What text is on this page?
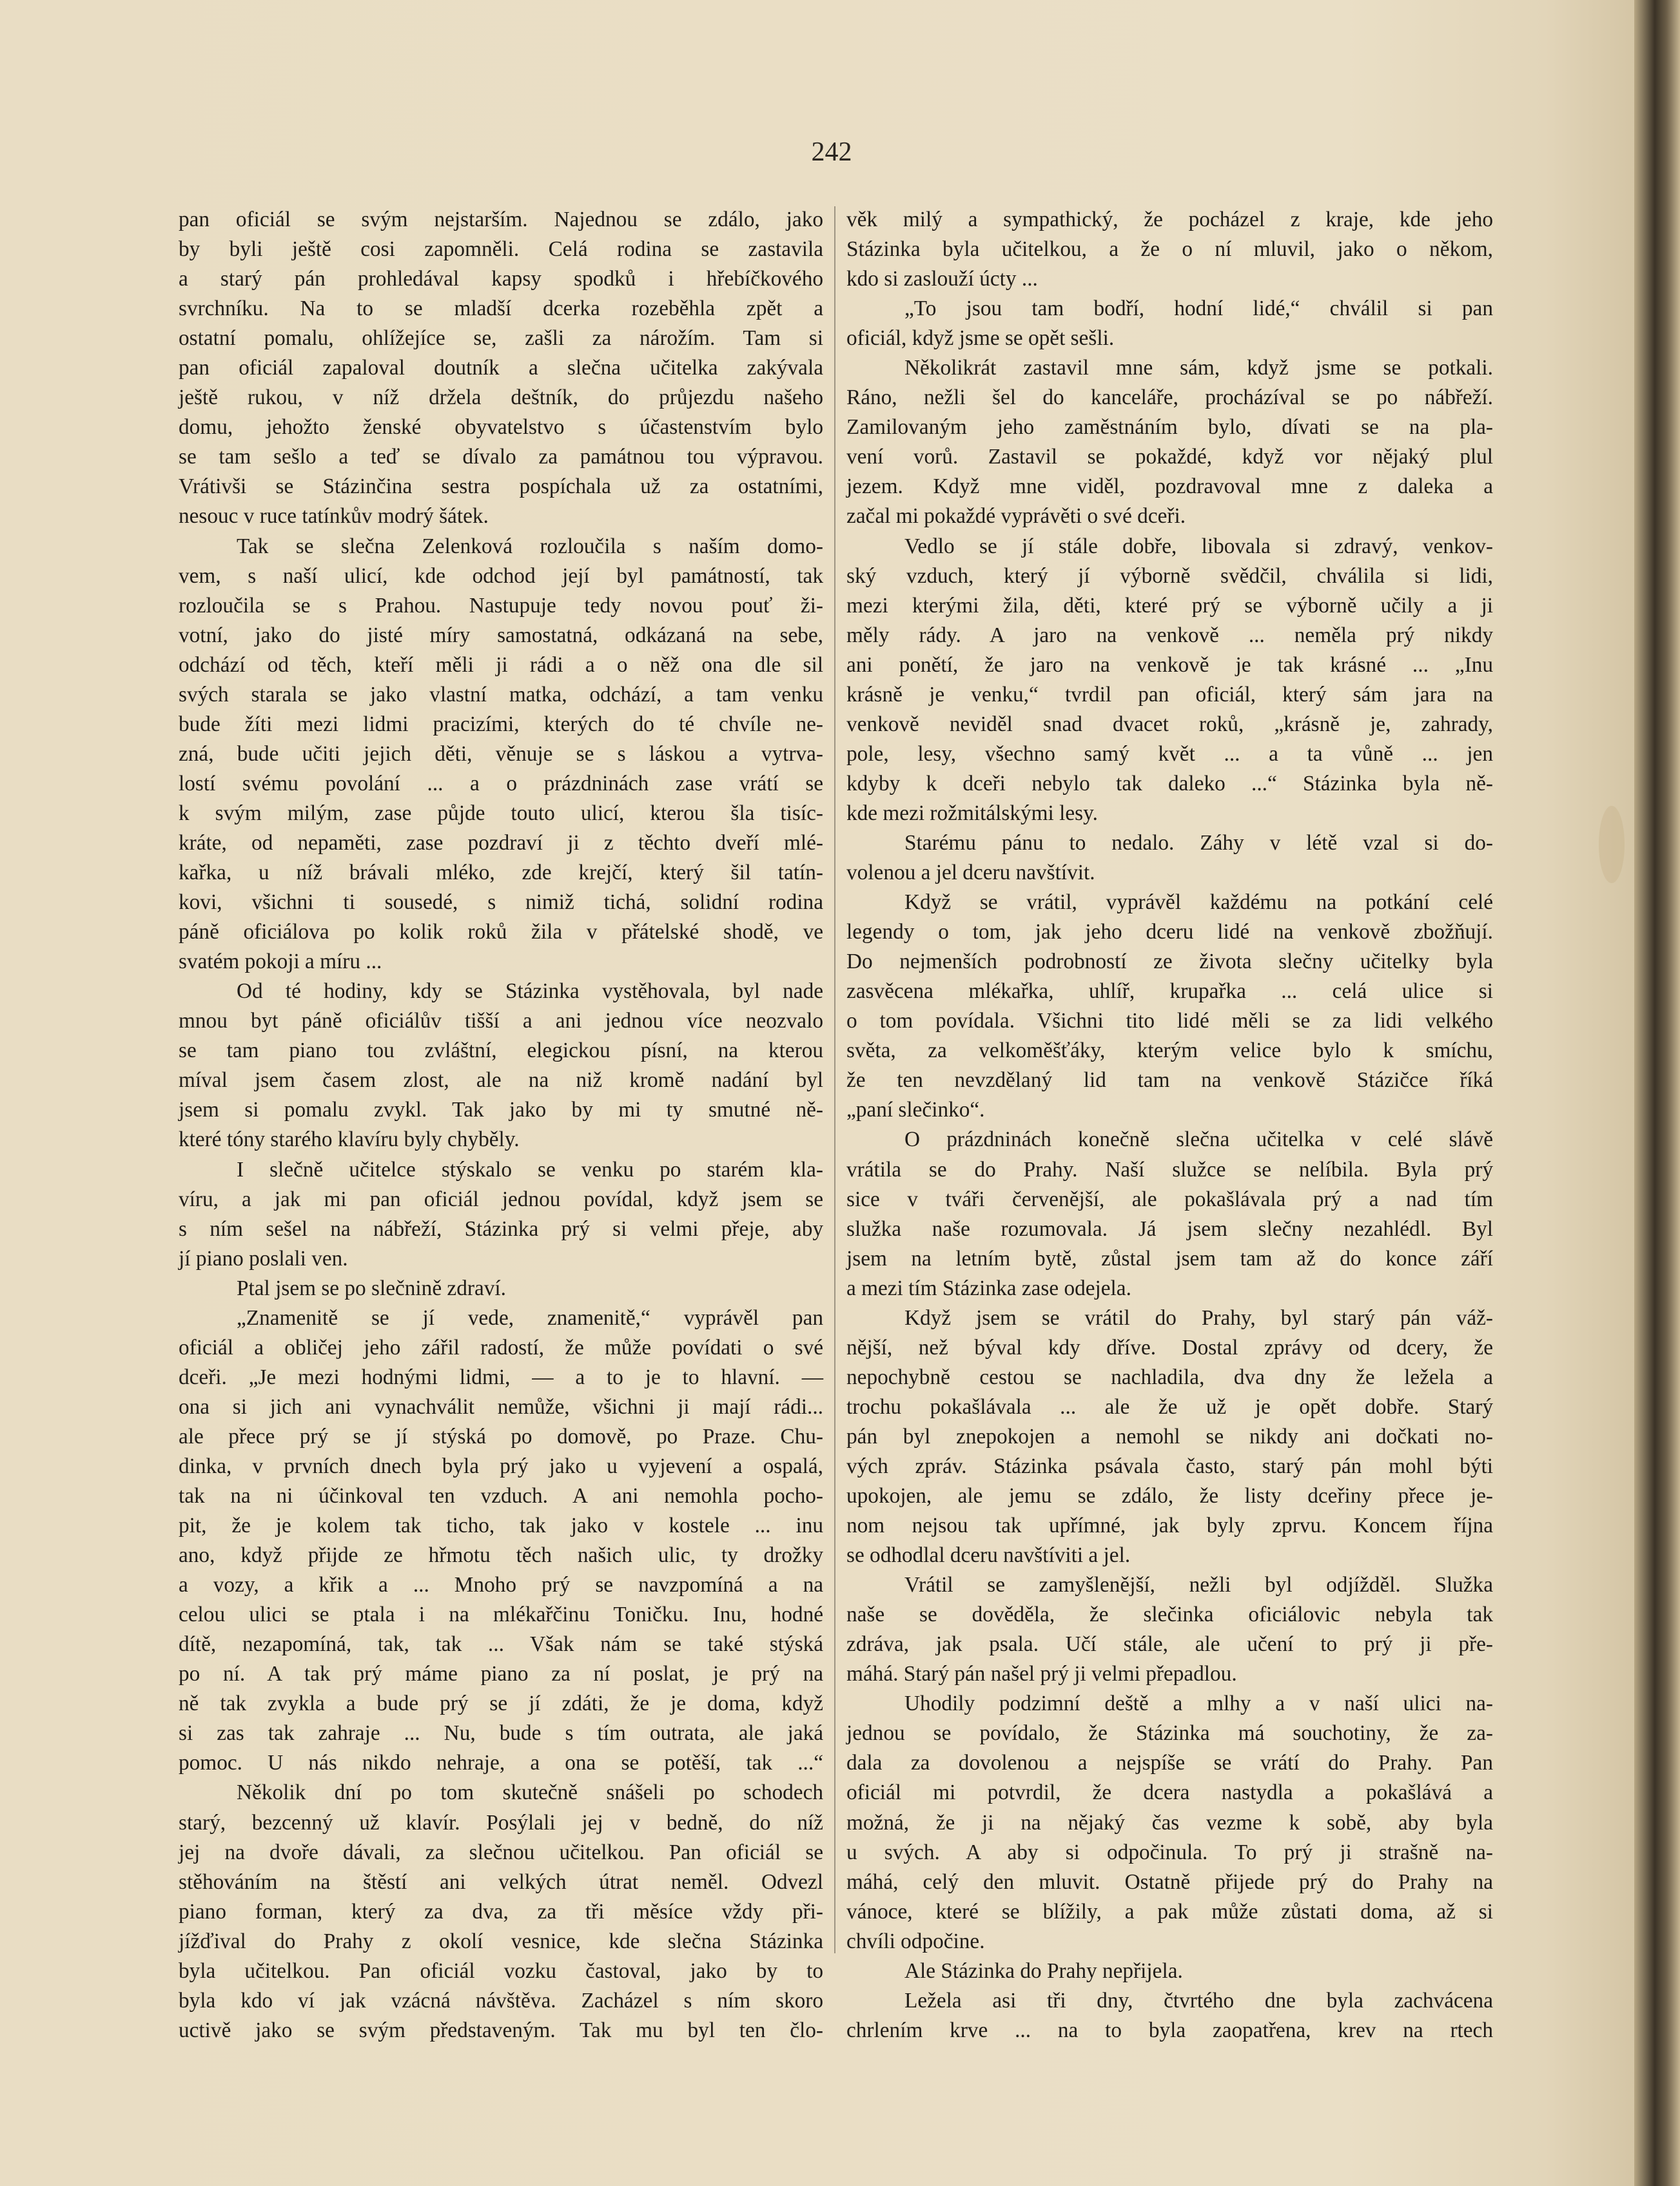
242
pan oficiál se svým nejstarším. Najednou se zdálo, jako
by byli ještě cosi zapomněli. Celá rodina se zastavila
a starý pán prohledával kapsy spodků i hřebíčkového
svrchníku. Na to se mladší dcerka rozeběhla zpět a
ostatní pomalu, ohlížejíce se, zašli za nárožím. Tam si
pan oficiál zapaloval doutník a slečna učitelka zakývala
ještě rukou, v níž držela deštník, do průjezdu našeho
domu, jehožto ženské obyvatelstvo s účastenstvím bylo
se tam sešlo a teď se dívalo za památnou tou výpravou.
Vrátivši se Stázinčina sestra pospíchala už za ostatními,
nesouc v ruce tatínkův modrý šátek.
Tak se slečna Zelenková rozloučila s naším domo-
vem, s naší ulicí, kde odchod její byl památností, tak
rozloučila se s Prahou. Nastupuje tedy novou pouť ži-
votní, jako do jisté míry samostatná, odkázaná na sebe,
odchází od těch, kteří měli ji rádi a o něž ona dle sil
svých starala se jako vlastní matka, odchází, a tam venku
bude žíti mezi lidmi pracizími, kterých do té chvíle ne-
zná, bude učiti jejich děti, věnuje se s láskou a vytrva-
lostí svému povolání ... a o prázdninách zase vrátí se
k svým milým, zase půjde touto ulicí, kterou šla tisíc-
kráte, od nepaměti, zase pozdraví ji z těchto dveří mlé-
kařka, u níž brávali mléko, zde krejčí, který šil tatín-
kovi, všichni ti sousedé, s nimiž tichá, solidní rodina
páně oficiálova po kolik roků žila v přátelské shodě, ve
svatém pokoji a míru ...
Od té hodiny, kdy se Stázinka vystěhovala, byl nade
mnou byt páně oficiálův tišší a ani jednou více neozvalo
se tam piano tou zvláštní, elegickou písní, na kterou
míval jsem časem zlost, ale na niž kromě nadání byl
jsem si pomalu zvykl. Tak jako by mi ty smutné ně-
které tóny starého klavíru byly chyběly.
I slečně učitelce stýskalo se venku po starém kla-
víru, a jak mi pan oficiál jednou povídal, když jsem se
s ním sešel na nábřeží, Stázinka prý si velmi přeje, aby
jí piano poslali ven.
Ptal jsem se po slečnině zdraví.
„Znamenitě se jí vede, znamenitě,“ vyprávěl pan
oficiál a obličej jeho zářil radostí, že může povídati o své
dceři. „Je mezi hodnými lidmi, — a to je to hlavní. —
ona si jich ani vynachválit nemůže, všichni ji mají rádi...
ale přece prý se jí stýská po domově, po Praze. Chu-
dinka, v prvních dnech byla prý jako u vyjevení a ospalá,
tak na ni účinkoval ten vzduch. A ani nemohla pocho-
pit, že je kolem tak ticho, tak jako v kostele ... inu
ano, když přijde ze hřmotu těch našich ulic, ty drožky
a vozy, a křik a ... Mnoho prý se navzpomíná a na
celou ulici se ptala i na mlékařčinu Toničku. Inu, hodné
dítě, nezapomíná, tak, tak ... Však nám se také stýská
po ní. A tak prý máme piano za ní poslat, je prý na
ně tak zvykla a bude prý se jí zdáti, že je doma, když
si zas tak zahraje ... Nu, bude s tím outrata, ale jaká
pomoc. U nás nikdo nehraje, a ona se potěší, tak ...“
Několik dní po tom skutečně snášeli po schodech
starý, bezcenný už klavír. Posýlali jej v bedně, do níž
jej na dvoře dávali, za slečnou učitelkou. Pan oficiál se
stěhováním na štěstí ani velkých útrat neměl. Odvezl
piano forman, který za dva, za tři měsíce vždy při-
jížďival do Prahy z okolí vesnice, kde slečna Stázinka
byla učitelkou. Pan oficiál vozku častoval, jako by to
byla kdo ví jak vzácná návštěva. Zacházel s ním skoro
uctivě jako se svým představeným. Tak mu byl ten člo-
věk milý a sympathický, že pocházel z kraje, kde jeho
Stázinka byla učitelkou, a že o ní mluvil, jako o někom,
kdo si zaslouží úcty ...
„To jsou tam bodří, hodní lidé,“ chválil si pan
oficiál, když jsme se opět sešli.
Několikrát zastavil mne sám, když jsme se potkali.
Ráno, nežli šel do kanceláře, procházíval se po nábřeží.
Zamilovaným jeho zaměstnáním bylo, dívati se na pla-
vení vorů. Zastavil se pokaždé, když vor nějaký plul
jezem. Když mne viděl, pozdravoval mne z daleka a
začal mi pokaždé vyprávěti o své dceři.
Vedlo se jí stále dobře, libovala si zdravý, venkov-
ský vzduch, který jí výborně svědčil, chválila si lidi,
mezi kterými žila, děti, které prý se výborně učily a ji
měly rády. A jaro na venkově ... neměla prý nikdy
ani ponětí, že jaro na venkově je tak krásné ... „Inu
krásně je venku,“ tvrdil pan oficiál, který sám jara na
venkově neviděl snad dvacet roků, „krásně je, zahrady,
pole, lesy, všechno samý květ ... a ta vůně ... jen
kdyby k dceři nebylo tak daleko ...“ Stázinka byla ně-
kde mezi rožmitálskými lesy.
Starému pánu to nedalo. Záhy v létě vzal si do-
volenou a jel dceru navštívit.
Když se vrátil, vyprávěl každému na potkání celé
legendy o tom, jak jeho dceru lidé na venkově zbožňují.
Do nejmenších podrobností ze života slečny učitelky byla
zasvěcena mlékařka, uhlíř, krupařka ... celá ulice si
o tom povídala. Všichni tito lidé měli se za lidi velkého
světa, za velkoměšťáky, kterým velice bylo k smíchu,
že ten nevzdělaný lid tam na venkově Stázičce říká
„paní slečinko“.
O prázdninách konečně slečna učitelka v celé slávě
vrátila se do Prahy. Naší služce se nelíbila. Byla prý
sice v tváři červenější, ale pokašlávala prý a nad tím
služka naše rozumovala. Já jsem slečny nezahlédl. Byl
jsem na letním bytě, zůstal jsem tam až do konce září
a mezi tím Stázinka zase odejela.
Když jsem se vrátil do Prahy, byl starý pán váž-
nější, než býval kdy dříve. Dostal zprávy od dcery, že
nepochybně cestou se nachladila, dva dny že ležela a
trochu pokašlávala ... ale že už je opět dobře. Starý
pán byl znepokojen a nemohl se nikdy ani dočkati no-
vých zpráv. Stázinka psávala často, starý pán mohl býti
upokojen, ale jemu se zdálo, že listy dceřiny přece je-
nom nejsou tak upřímné, jak byly zprvu. Koncem října
se odhodlal dceru navštíviti a jel.
Vrátil se zamyšlenější, nežli byl odjížděl. Služka
naše se dověděla, že slečinka oficiálovic nebyla tak
zdráva, jak psala. Učí stále, ale učení to prý ji pře-
máhá. Starý pán našel prý ji velmi přepadlou.
Uhodily podzimní deště a mlhy a v naší ulici na-
jednou se povídalo, že Stázinka má souchotiny, že za-
dala za dovolenou a nejspíše se vrátí do Prahy. Pan
oficiál mi potvrdil, že dcera nastydla a pokašlává a
možná, že ji na nějaký čas vezme k sobě, aby byla
u svých. A aby si odpočinula. To prý ji strašně na-
máhá, celý den mluvit. Ostatně přijede prý do Prahy na
vánoce, které se blížily, a pak může zůstati doma, až si
chvíli odpočine.
Ale Stázinka do Prahy nepřijela.
Ležela asi tři dny, čtvrtého dne byla zachvácena
chrlením krve ... na to byla zaopatřena, krev na rtech
